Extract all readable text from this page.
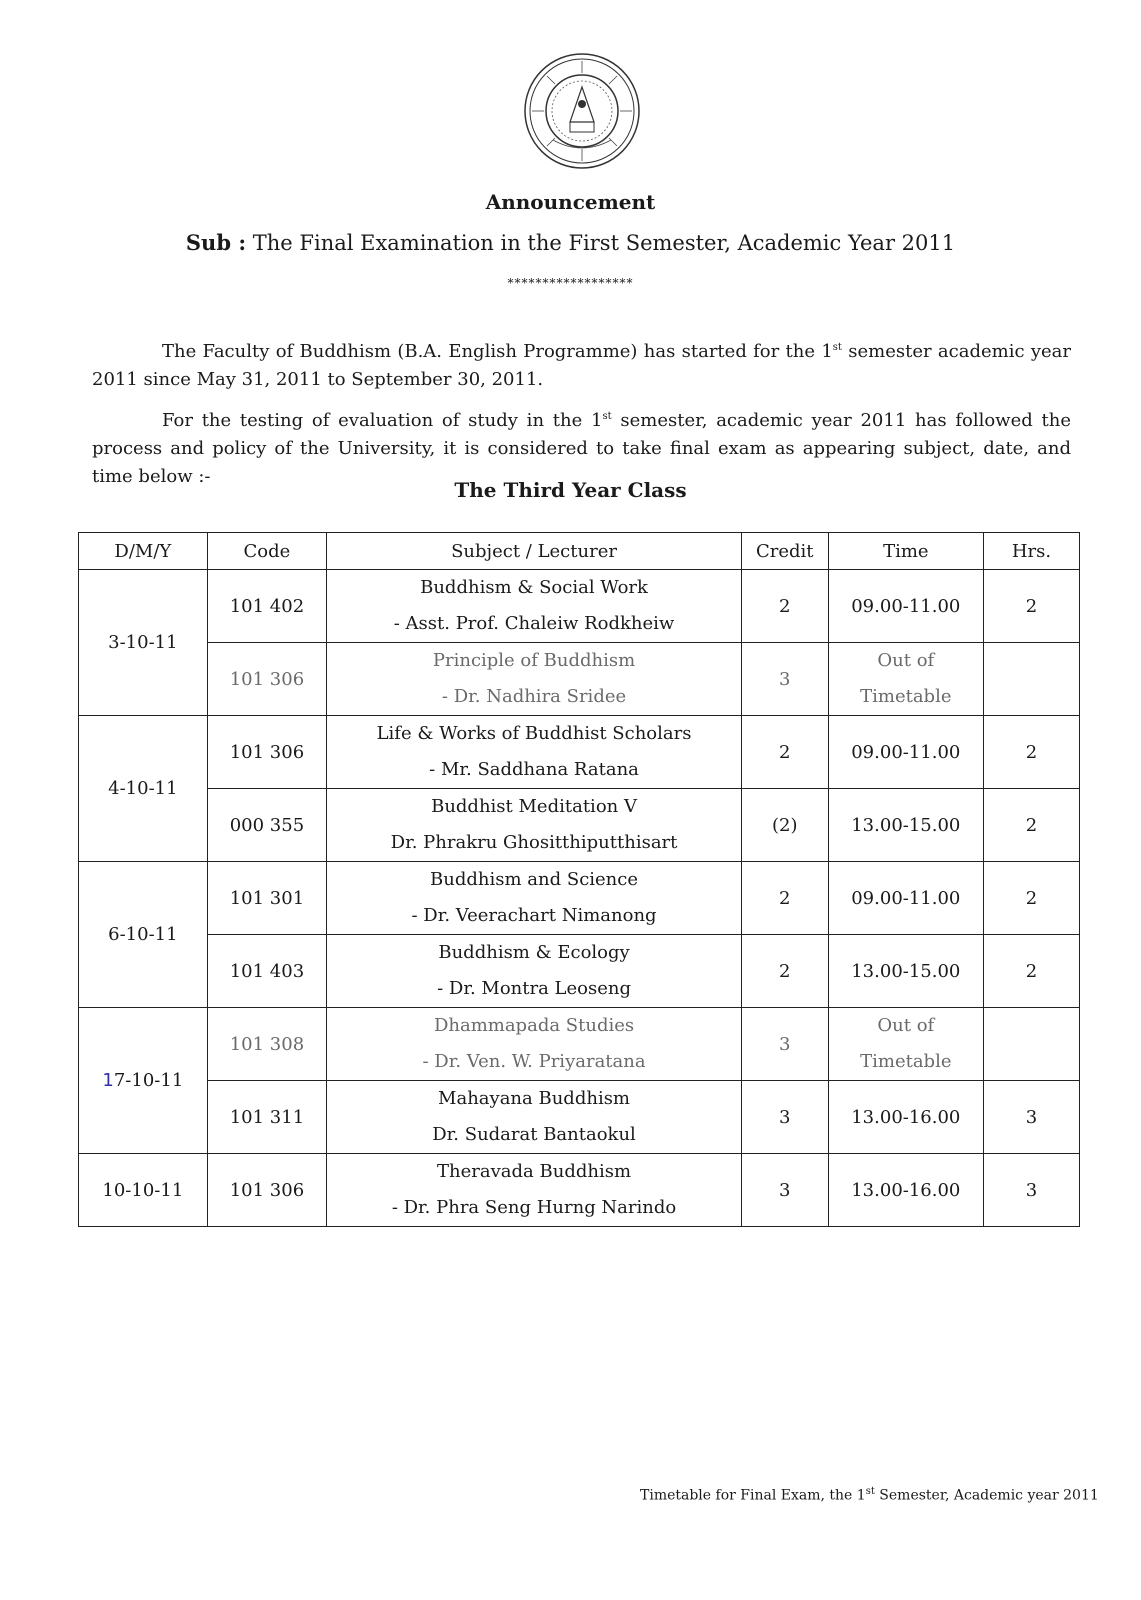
Announcement
Sub : The Final Examination in the First Semester, Academic Year 2011
******************

The Faculty of Buddhism (B.A. English Programme) has started for the 1st semester academic year 2011 since May 31, 2011 to September 30, 2011.

For the testing of evaluation of study in the 1st semester, academic year 2011 has followed the process and policy of the University, it is considered to take final exam as appearing subject, date, and time below :-

The Third Year Class
D/M/Y	Code	Subject / Lecturer	Credit	Time	Hrs.
3-10-11	101 402	Buddhism & Social Work
- Asst. Prof. Chaleiw Rodkheiw	2	09.00-11.00	2
	101 306	Principle of Buddhism
- Dr. Nadhira Sridee	3	Out of
Timetable	

4-10-11	101 306	Life & Works of Buddhist Scholars
- Mr. Saddhana Ratana	2	09.00-11.00	2
	000 355	Buddhist Meditation V
Dr. Phrakru Ghositthiputthisart	(2)	13.00-15.00	2
6-10-11	101 301	Buddhism and Science
- Dr. Veerachart Nimanong	2	09.00-11.00	2
	101 403	Buddhism & Ecology
- Dr. Montra Leoseng	2	13.00-15.00	2
17-10-11	101 308	Dhammapada Studies
- Dr. Ven. W. Priyaratana	3	Out of
Timetable	

	101 311	Mahayana Buddhism
Dr. Sudarat Bantaokul	3	13.00-16.00	3
10-10-11	101 306	Theravada Buddhism
- Dr. Phra Seng Hurng Narindo	3	13.00-16.00	3
Timetable for Final Exam, the 1st Semester, Academic year 2011
